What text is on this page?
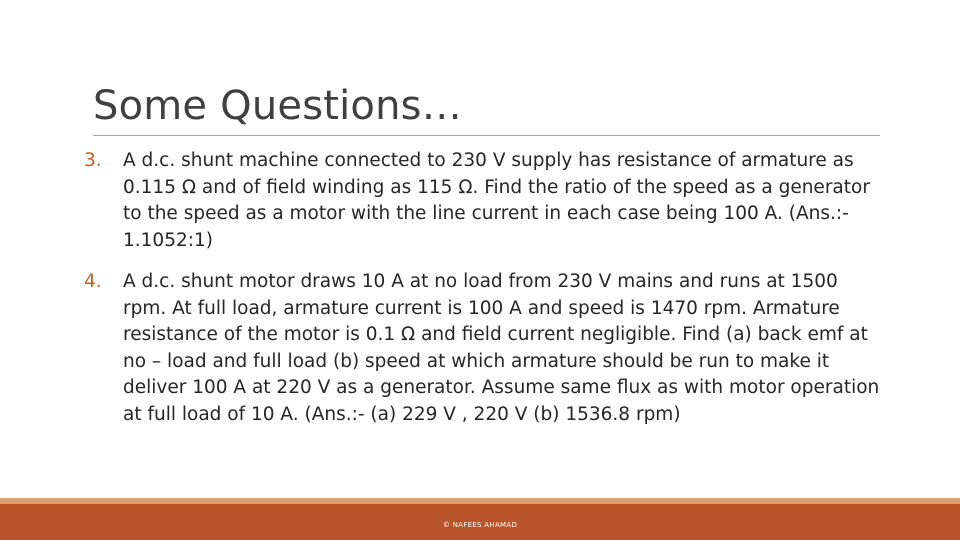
Some Questions…
3.	A d.c. shunt machine connected to 230 V supply has resistance of armature as 0.115 Ω and of field winding as 115 Ω. Find the ratio of the speed as a generator to the speed as a motor with the line current in each case being 100 A. (Ans.:- 1.1052:1)
4.	A d.c. shunt motor draws 10 A at no load from 230 V mains and runs at 1500 rpm. At full load, armature current is 100 A and speed is 1470 rpm. Armature resistance of the motor is 0.1 Ω and field current negligible. Find (a) back emf at no – load and full load (b) speed at which armature should be run to make it deliver 100 A at 220 V as a generator. Assume same flux as with motor operation at full load of 10 A. (Ans.:- (a) 229 V , 220 V (b) 1536.8 rpm)
© NAFEES AHAMAD
